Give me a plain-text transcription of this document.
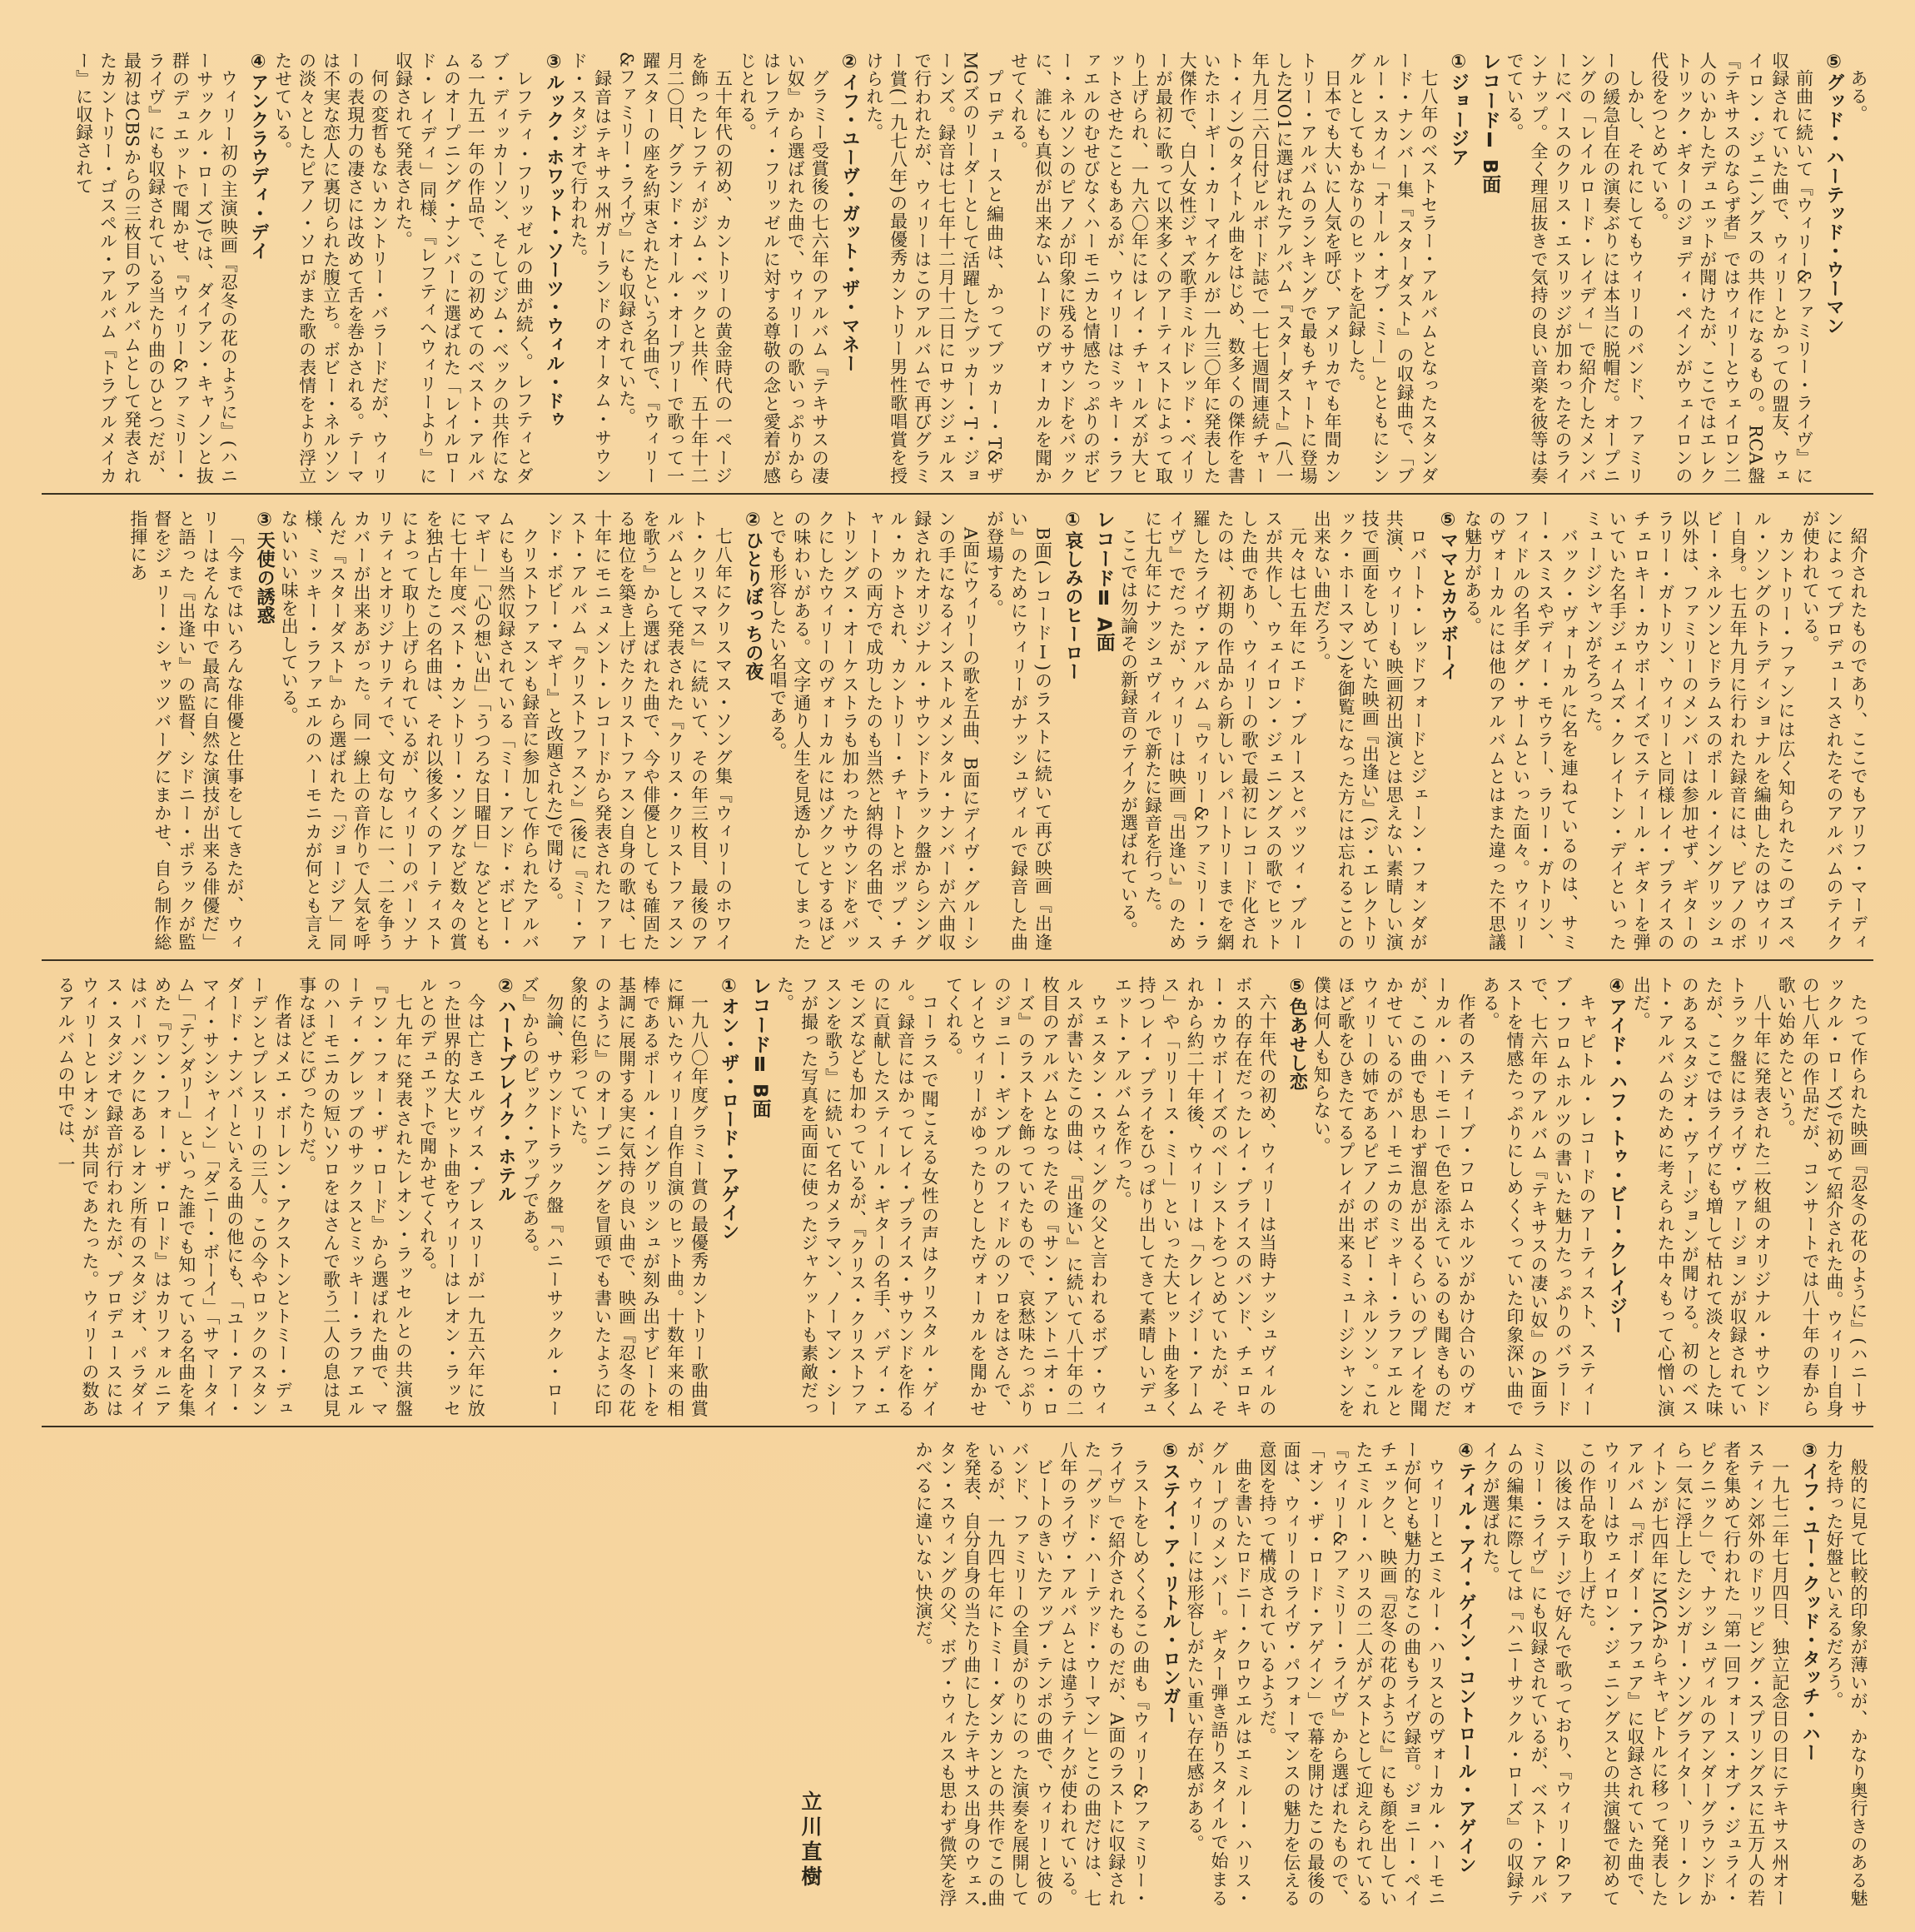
ある。

⑤グッド・ハーテッド・ウーマン

前曲に続いて『ウィリー&ファミリー・ライヴ』に収録されていた曲で、ウィリーとかっての盟友、ウェイロン・ジェニングスの共作になるもの。RCA盤『テキサスのならず者』ではウィリーとウェイロン二人のいかしたデュエットが聞けたが、ここではエレクトリック・ギターのジョディ・ペインがウェイロンの代役をつとめている。

しかし、それにしてもウィリーのバンド、ファミリーの緩急自在の演奏ぶりには本当に脱帽だ。オープニングの「レイルロード・レイディ」で紹介したメンバーにベースのクリス・エスリッジが加わったそのラインナップ。全く理屈抜きで気持の良い音楽を彼等は奏でている。

レコードⅠ B面

①ジョージア

七八年のベストセラー・アルバムとなったスタンダード・ナンバー集『スターダスト』の収録曲で、「ブルー・スカイ」「オール・オブ・ミー」とともにシングルとしてもかなりのヒットを記録した。

日本でも大いに人気を呼び、アメリカでも年間カントリー・アルバムのランキングで最もチャートに登場したNO1に選ばれたアルバム『スターダスト』(八一年九月二六日付ビルボード誌で一七七週間連続チャート・イン)のタイトル曲をはじめ、数多くの傑作を書いたホーギー・カーマイケルが一九三〇年に発表した大傑作で、白人女性ジャズ歌手ミルドレッド・ベイリーが最初に歌って以来多くのアーティストによって取り上げられ、一九六〇年にはレイ・チャールズが大ヒットさせたこともあるが、ウィリーはミッキー・ラファエルのむせびなくハーモニカと情感たっぷりのボビー・ネルソンのピアノが印象に残るサウンドをバックに、誰にも真似が出来ないムードのヴォーカルを聞かせてくれる。

プロデュースと編曲は、かってブッカー・T&ザMGズのリーダーとして活躍したブッカー・T・ジョーンズ。録音は七七年十二月十二日にロサンジェルスで行われたが、ウィリーはこのアルバムで再びグラミー賞(一九七八年)の最優秀カントリー男性歌唱賞を授けられた。

②イフ・ユーヴ・ガット・ザ・マネー

グラミー受賞後の七六年のアルバム『テキサスの凄い奴』から選ばれた曲で、ウィリーの歌いっぷりからはレフティ・フリッゼルに対する尊敬の念と愛着が感じとれる。

五十年代の初め、カントリーの黄金時代の一ページを飾ったレフティがジム・ベックと共作、五十年十二月二〇日、グランド・オール・オープリーで歌って一躍スターの座を約束されたという名曲で、『ウィリー&ファミリー・ライヴ』にも収録されていた。

録音はテキサス州ガーランドのオータム・サウンド・スタジオで行われた。

③ルック・ホワット・ソーツ・ウィル・ドゥ

レフティ・フリッゼルの曲が続く。レフティとダブ・ディッカーソン、そしてジム・ベックの共作になる一九五一年の作品で、この初めてのベスト・アルバムのオープニング・ナンバーに選ばれた「レイルロード・レイディ」同様、『レフティへウィリーより』に収録されて発表された。

何の変哲もないカントリー・バラードだが、ウィリーの表現力の凄さには改めて舌を巻かされる。テーマは不実な恋人に裏切られた腹立ち。ボビー・ネルソンの淡々としたピアノ・ソロがまた歌の表情をより浮立たせている。

④アンクラウディ・デイ

ウィリー初の主演映画『忍冬の花のように』(ハニーサックル・ローズ)では、ダイアン・キャノンと抜群のデュエットで聞かせ、『ウィリー&ファミリー・ライヴ』にも収録されている当たり曲のひとつだが、最初はCBSからの三枚目のアルバムとして発表されたカントリー・ゴスペル・アルバム『トラブルメイカー』に収録されて

紹介されたものであり、ここでもアリフ・マーディンによってプロデュースされたそのアルバムのテイクが使われている。

カントリー・ファンには広く知られたこのゴスペル・ソングのトラディショナルを編曲したのはウィリー自身。七五年九月に行われた録音には、ピアノのボビー・ネルソンとドラムスのポール・イングリッシュ以外は、ファミリーのメンバーは参加せず、ギターのラリー・ガトリン、ウィリーと同様レイ・プライスのチェロキー・カウボーイズでスティール・ギターを弾いていた名手ジェイムズ・クレイトン・デイといったミュージシャンがそろった。

バック・ヴォーカルに名を連ねているのは、サミー・スミスやディー・モウラー、ラリー・ガトリン、フィドルの名手ダグ・サームといった面々。ウィリーのヴォーカルには他のアルバムとはまた違った不思議な魅力がある。

⑤ママとカウボーイ

ロバート・レッドフォードとジェーン・フォンダが共演、ウィリーも映画初出演とは思えない素晴しい演技で画面をしめていた映画『出逢い』(ジ・エレクトリック・ホースマン)を御覧になった方には忘れることの出来ない曲だろう。

元々は七五年にエド・ブルースとパッツィ・ブルースが共作し、ウェイロン・ジェニングスの歌でヒットした曲であり、ウィリーの歌で最初にレコード化されたのは、初期の作品から新しいレパートリーまでを網羅したライヴ・アルバム『ウィリー&ファミリー・ライヴ』でだったが、ウィリーは映画『出逢い』のために七九年にナッシュヴィルで新たに録音を行った。

ここでは勿論その新録音のテイクが選ばれている。

レコードⅡ A面

①哀しみのヒーロー

B面(レコードⅠ)のラストに続いて再び映画『出逢い』のためにウィリーがナッシュヴィルで録音した曲が登場する。

A面にウィリーの歌を五曲、B面にデイヴ・グルーシンの手になるインストルメンタル・ナンバーが六曲収録されたオリジナル・サウンドトラック盤からシングル・カットされ、カントリー・チャートとポップ・チャートの両方で成功したのも当然と納得の名曲で、ストリングス・オーケストラも加わったサウンドをバックにしたウィリーのヴォーカルにはゾクッとするほどの味わいがある。文字通り人生を見透かしてしまったとでも形容したい名唱である。

②ひとりぼっちの夜

七八年にクリスマス・ソング集『ウィリーのホワイト・クリスマス』に続いて、その年三枚目、最後のアルバムとして発表された『クリス・クリストファスンを歌う』から選ばれた曲で、今や俳優としても確固たる地位を築き上げたクリストファスン自身の歌は、七十年にモニュメント・レコードから発表されたファースト・アルバム『クリストファスン』(後に『ミー・アンド・ボビー・マギー』と改題された)で聞ける。

クリストファスンも録音に参加して作られたアルバムにも当然収録されている「ミー・アンド・ボビー・マギー」「心の想い出」「うつろな日曜日」などとともに七十年度ベスト・カントリー・ソングなど数々の賞を独占したこの名曲は、それ以後多くのアーティストによって取り上げられているが、ウィリーのパーソナリティとオリジナリティで、文句なしに一、二を争うカバーが出来あがった。同一線上の音作りで人気を呼んだ『スターダスト』から選ばれた「ジョージア」同様、ミッキー・ラファエルのハーモニカが何とも言えないいい味を出している。

③天使の誘惑

「今まではいろんな俳優と仕事をしてきたが、ウィリーはそんな中で最高に自然な演技が出来る俳優だ」と語った『出逢い』の監督、シドニー・ポラックが監督をジェリー・シャッツバーグにまかせ、自ら制作総指揮にあ

たって作られた映画『忍冬の花のように』(ハニーサックル・ローズ)で初めて紹介された曲。ウィリー自身の七八年の作品だが、コンサートでは八十年の春から歌い始めたという。

八十年に発表された二枚組のオリジナル・サウンドトラック盤にはライヴ・ヴァージョンが収録されていたが、ここではライヴにも増して枯れて淡々とした味のあるスタジオ・ヴァージョンが聞ける。初のベスト・アルバムのために考えられた中々もって心憎い演出だ。

④アイド・ハフ・トゥ・ビー・クレイジー

キャピトル・レコードのアーティスト、スティーブ・フロムホルツの書いた魅力たっぷりのバラードで、七六年のアルバム『テキサスの凄い奴』のA面ラストを情感たっぷりにしめくくっていた印象深い曲である。

作者のスティーブ・フロムホルツがかけ合いのヴォーカル・ハーモニーで色を添えているのも聞きものだが、この曲でも思わず溜息が出るくらいのプレイを聞かせているのがハーモニカのミッキー・ラファエルとウィリーの姉であるピアノのボビー・ネルソン。これほど歌をひきたてるプレイが出来るミュージシャンを僕は何人も知らない。

⑤色あせし恋

六十年代の初め、ウィリーは当時ナッシュヴィルのボス的存在だったレイ・プライスのバンド、チェロキー・カウボーイズのベーシストをつとめていたが、それから約二十年後、ウィリーは「クレイジー・アームス」や「リリース・ミー」といった大ヒット曲を多く持つレイ・プライをひっぱり出してきて素晴しいデュエット・アルバムを作った。

ウェスタン・スウィングの父と言われるボブ・ウィルスが書いたこの曲は、『出逢い』に続いて八十年の二枚目のアルバムとなったその『サン・アントニオ・ローズ』のラストを飾っていたもので、哀愁味たっぷりのジョニー・ギンブルのフィドルのソロをはさんで、レイとウィリーがゆったりとしたヴォーカルを聞かせてくれる。

コーラスで聞こえる女性の声はクリスタル・ゲイル。録音にはかってレイ・プライス・サウンドを作るのに貢献したスティール・ギターの名手、バディ・エモンズなども加わっているが、『クリス・クリストファスンを歌う』に続いて名カメラマン、ノーマン・シーフが撮った写真を両面に使ったジャケットも素敵だった。

レコードⅡ B面

①オン・ザ・ロード・アゲイン

一九八〇年度グラミー賞の最優秀カントリー歌曲賞に輝いたウィリー自作自演のヒット曲。十数年来の相棒であるポール・イングリッシュが刻み出すビートを基調に展開する実に気持の良い曲で、映画『忍冬の花のように』のオープニングを冒頭でも書いたように印象的に色彩っていた。

勿論、サウンドトラック盤『ハニーサックル・ローズ』からのピック・アップである。

②ハートブレイク・ホテル

今は亡きエルヴィス・プレスリーが一九五六年に放った世界的な大ヒット曲をウィリーはレオン・ラッセルとのデュエットで聞かせてくれる。

七九年に発表されたレオン・ラッセルとの共演盤『ワン・フォー・ザ・ロード』から選ばれた曲で、マーティ・グレッブのサックスとミッキー・ラファエルのハーモニカの短いソロをはさんで歌う二人の息は見事なほどにぴったりだ。

作者はメエ・ボーレン・アクストンとトミー・デューデンとプレスリーの三人。この今やロックのスタンダード・ナンバーといえる曲の他にも、「ユー・アー・マイ・サンシャイン」「ダニー・ボーイ」「サマータイム」「テンダリー」といった誰でも知っている名曲を集めた『ワン・フォー・ザ・ロード』はカリフォルニアはバーバンクにあるレオン所有のスタジオ、パラダイス・スタジオで録音が行われたが、プロデュースにはウィリーとレオンが共同であたった。ウィリーの数あるアルバムの中では、一

般的に見て比較的印象が薄いが、かなり奥行きのある魅力を持った好盤といえるだろう。

③イフ・ユー・クッド・タッチ・ハー

一九七二年七月四日、独立記念日の日にテキサス州オースティン郊外のドリッピング・スプリングスに五万人の若者を集めて行われた「第一回フォース・オブ・ジュライ・ピクニック」で、ナッシュヴィルのアンダーグラウンドから一気に浮上したシンガー・ソングライター、リー・クレイトンが七四年にMCAからキャピトルに移って発表したアルバム『ボーダー・アフェア』に収録されていた曲で、ウィリーはウェイロン・ジェニングスとの共演盤で初めてこの作品を取り上げた。

以後はステージで好んで歌っており、『ウィリー&ファミリー・ライヴ』にも収録されているが、ベスト・アルバムの編集に際しては『ハニーサックル・ローズ』の収録テイクが選ばれた。

④ティル・アイ・ゲイン・コントロール・アゲイン

ウィリーとエミルー・ハリスとのヴォーカル・ハーモニーが何とも魅力的なこの曲もライヴ録音。ジョニー・ペイチェックと、映画『忍冬の花のように』にも顔を出していたエミルー・ハリスの二人がゲストとして迎えられている『ウィリー&ファミリー・ライヴ』から選ばれたもので、「オン・ザ・ロード・アゲイン」で幕を開けたこの最後の面は、ウィリーのライヴ・パフォーマンスの魅力を伝える意図を持って構成されているようだ。

曲を書いたロドニー・クロウエルはエミルー・ハリス・グループのメンバー。ギター弾き語りスタイルで始まるが、ウィリーには形容しがたい重い存在感がある。

⑤ステイ・ア・リトル・ロンガー

ラストをしめくくるこの曲も『ウィリー&ファミリー・ライヴ』で紹介されたものだが、A面のラストに収録された「グッド・ハーテッド・ウーマン」とこの曲だけは、七八年のライヴ・アルバムとは違うテイクが使われている。

ビートのきいたアップ・テンポの曲で、ウィリーと彼のバンド、ファミリーの全員がのりにのった演奏を展開しているが、一九四七年にトミー・ダンカンとの共作でこの曲を発表、自分自身の当たり曲にしたテキサス出身のウェスタン・スウィングの父、ボブ・ウィルスも思わず微笑を浮かべるに違いない快演だ。

立川直樹
